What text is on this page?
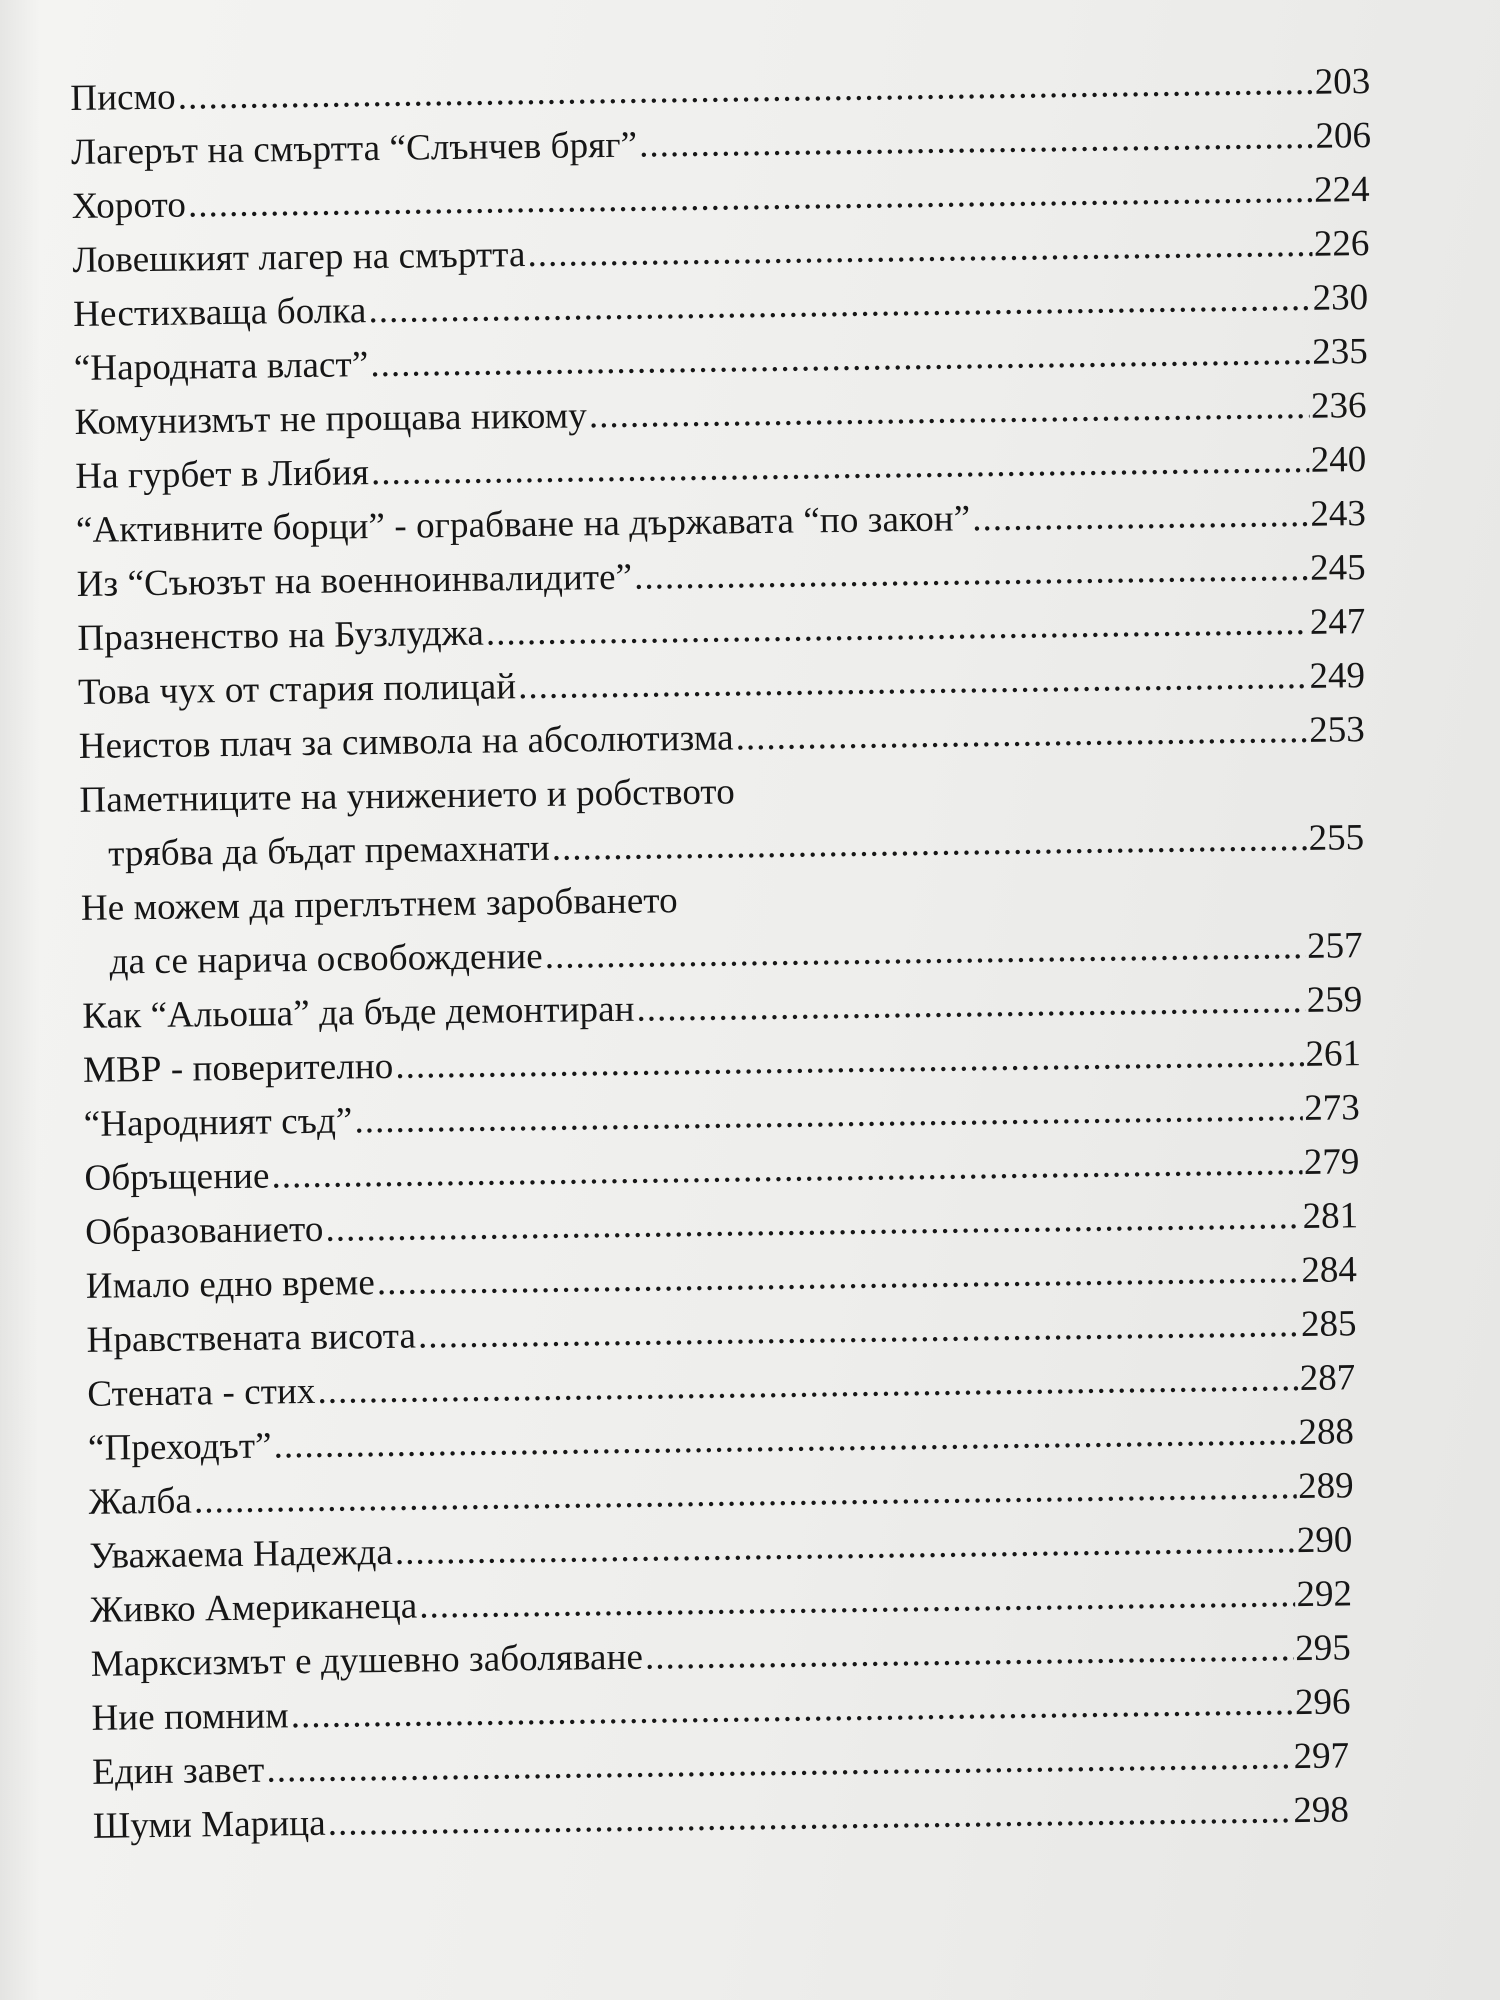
Писмо .....	203
Лагерът на смъртта “Слънчев бряг” .....	206
Хорото .....	224
Ловешкият лагер на смъртта .....	226
Нестихваща болка .....	230
“Народната власт” .....	235
Комунизмът не прощава никому .....	236
На гурбет в Либия .....	240
“Активните борци” - ограбване на държавата “по закон” .....	243
Из “Съюзът на военноинвалидите” .....	245
Празненство на Бузлуджа .....	247
Това чух от стария полицай .....	249
Неистов плач за символа на абсолютизма .....	253
Паметниците на унижението и робството
трябва да бъдат премахнати .....	255
Не можем да преглътнем заробването
да се нарича освобождение .....	257
Как “Альоша” да бъде демонтиран .....	259
МВР - поверително .....	261
“Народният съд” .....	273
Обръщение .....	279
Образованието .....	281
Имало едно време .....	284
Нравствената висота .....	285
Стената - стих .....	287
“Преходът” .....	288
Жалба .....	289
Уважаема Надежда .....	290
Живко Американеца .....	292
Марксизмът е душевно заболяване .....	295
Ние помним .....	296
Един завет .....	297
Шуми Марица .....	298
